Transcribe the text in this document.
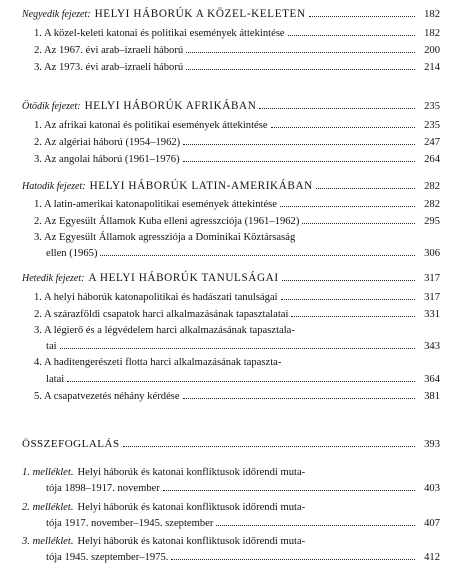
Negyedik fejezet: HELYI HÁBORÚK A KÖZEL-KELETEN	182
1. A közel-keleti katonai és politikai események áttekintése	182
2. Az 1967. évi arab–izraeli háború	200
3. Az 1973. évi arab–izraeli háború	214
Ötödik fejezet: HELYI HÁBORÚK AFRIKÁBAN	235
1. Az afrikai katonai és politikai események áttekintése	235
2. Az algériai háború (1954–1962)	247
3. Az angolai háború (1961–1976)	264
Hatodik fejezet: HELYI HÁBORÚK LATIN-AMERIKÁBAN	282
1. A latin-amerikai katonapolitikai események áttekintése	282
2. Az Egyesült Államok Kuba elleni agresszciója (1961–1962)	295
3. Az Egyesült Államok agressziója a Dominikai Köztársaság
ellen (1965)	306
Hetedik fejezet: A HELYI HÁBORÚK TANULSÁGAI	317
1. A helyi háborúk katonapolitikai és hadászati tanulságai	317
2. A szárazföldi csapatok harci alkalmazásának tapasztalatai	331
3. A légierő és a légvédelem harci alkalmazásának tapasztala-
tai	343
4. A haditengerészeti flotta harci alkalmazásának tapaszta-
latai	364
5. A csapatvezetés néhány kérdése	381
ÖSSZEFOGLALÁS	393
1. melléklet. Helyi háborúk és katonai konfliktusok időrendi muta-
tója 1898–1917. november	403
2. melléklet. Helyi háborúk és katonai konfliktusok időrendi muta-
tója 1917. november–1945. szeptember	407
3. melléklet. Helyi háborúk és katonai konfliktusok időrendi muta-
tója 1945. szeptember–1975.	412
